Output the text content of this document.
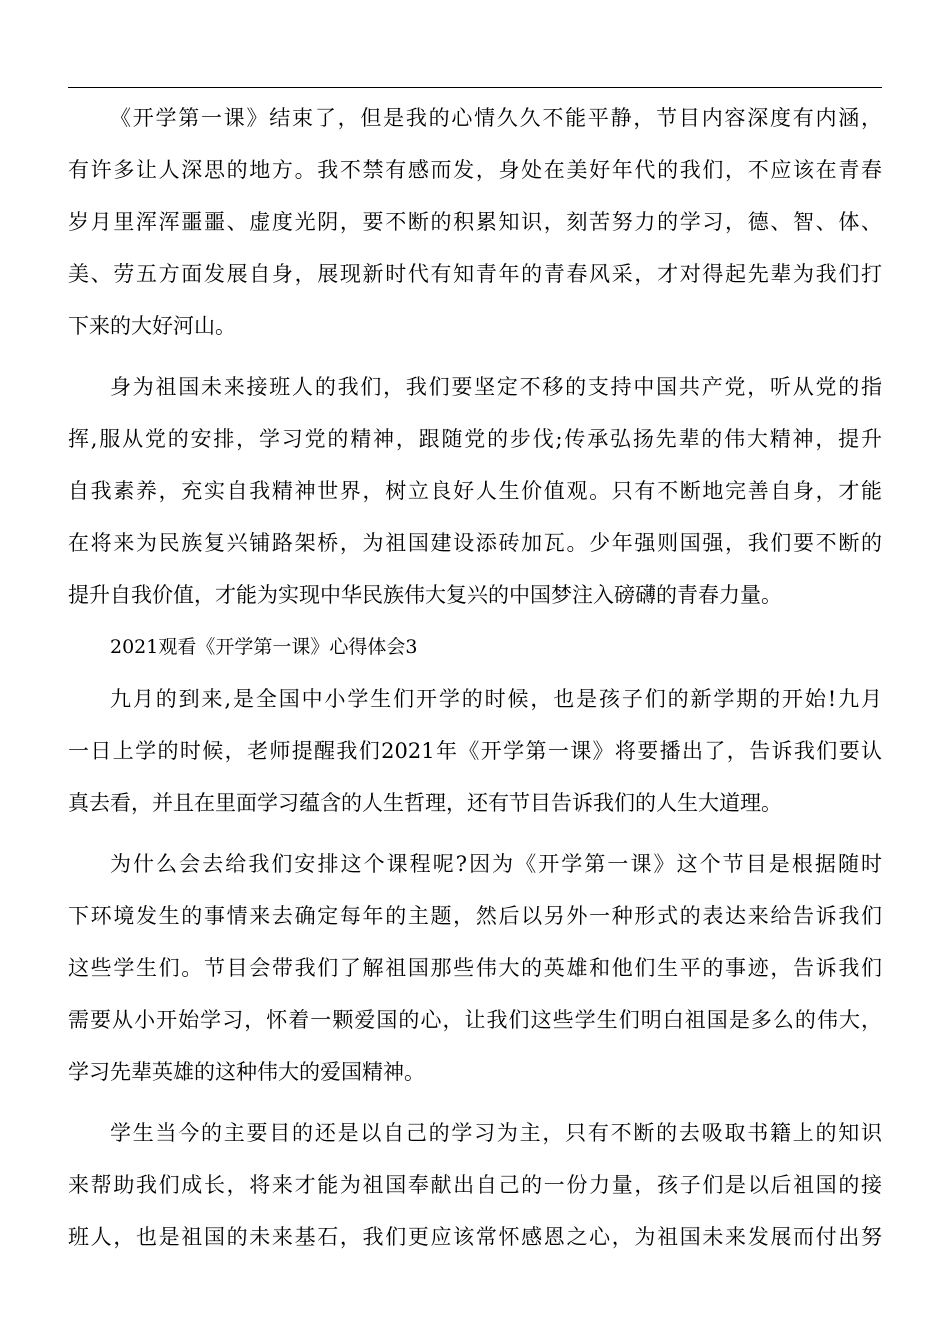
《开学第一课》结束了，但是我的心情久久不能平静，节目内容深度有内涵，
有许多让人深思的地方。我不禁有感而发，身处在美好年代的我们，不应该在青春
岁月里浑浑噩噩、虚度光阴，要不断的积累知识，刻苦努力的学习，德、智、体、
美、劳五方面发展自身，展现新时代有知青年的青春风采，才对得起先辈为我们打
下来的大好河山。
身为祖国未来接班人的我们，我们要坚定不移的支持中国共产党，听从党的指
挥,服从党的安排，学习党的精神，跟随党的步伐;传承弘扬先辈的伟大精神，提升
自我素养，充实自我精神世界，树立良好人生价值观。只有不断地完善自身，才能
在将来为民族复兴铺路架桥，为祖国建设添砖加瓦。少年强则国强，我们要不断的
提升自我价值，才能为实现中华民族伟大复兴的中国梦注入磅礴的青春力量。
2021观看《开学第一课》心得体会3
九月的到来,是全国中小学生们开学的时候，也是孩子们的新学期的开始!九月
一日上学的时候，老师提醒我们2021年《开学第一课》将要播出了，告诉我们要认
真去看，并且在里面学习蕴含的人生哲理，还有节目告诉我们的人生大道理。
为什么会去给我们安排这个课程呢?因为《开学第一课》这个节目是根据随时
下环境发生的事情来去确定每年的主题，然后以另外一种形式的表达来给告诉我们
这些学生们。节目会带我们了解祖国那些伟大的英雄和他们生平的事迹，告诉我们
需要从小开始学习，怀着一颗爱国的心，让我们这些学生们明白祖国是多么的伟大，
学习先辈英雄的这种伟大的爱国精神。
学生当今的主要目的还是以自己的学习为主，只有不断的去吸取书籍上的知识
来帮助我们成长，将来才能为祖国奉献出自己的一份力量，孩子们是以后祖国的接
班人，也是祖国的未来基石，我们更应该常怀感恩之心，为祖国未来发展而付出努
